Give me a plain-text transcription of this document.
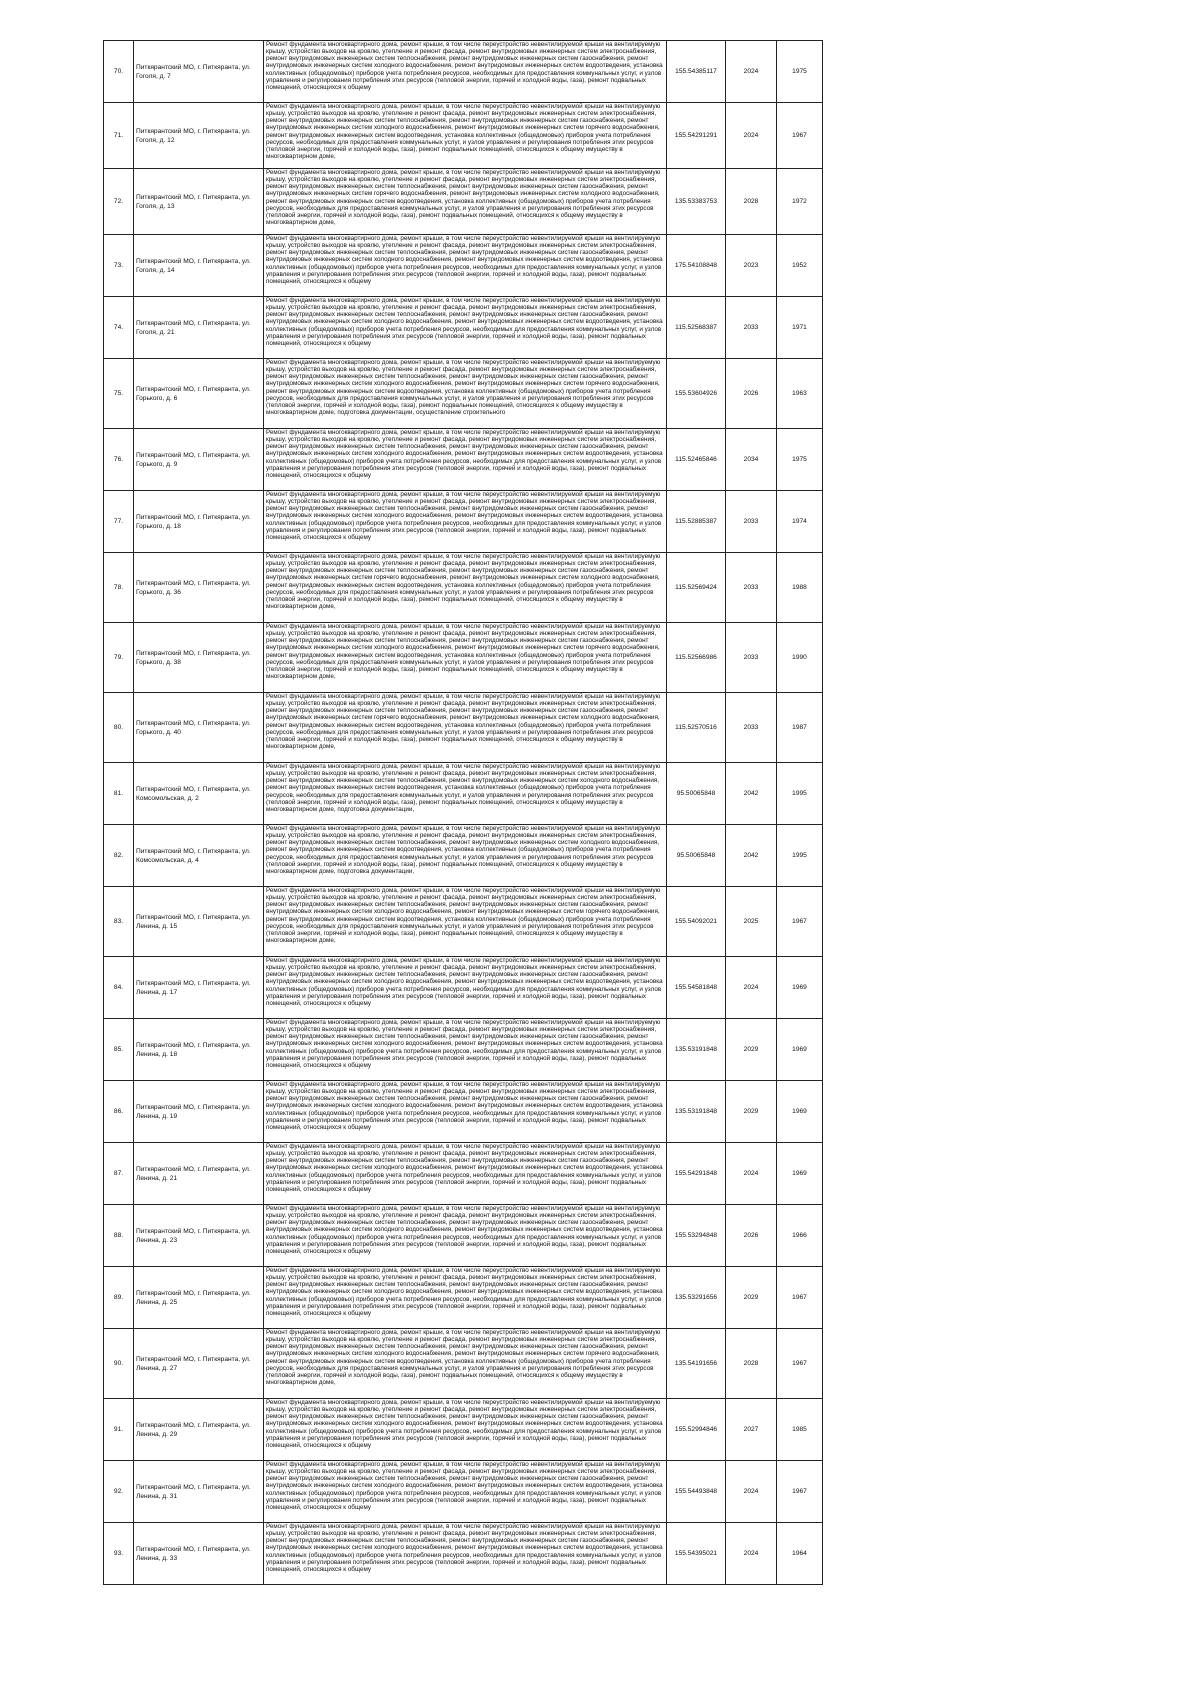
70.	Питкярантский МО, г. Питкяранта, ул.
Гоголя, д. 7	Ремонт фундамента многоквартирного дома, ремонт крыши, в том числе переустройство невентилируемой крыши на вентилируемую крышу, устройство выходов на кровлю, утепление и ремонт фасада, ремонт внутридомовых инженерных систем электроснабжения, ремонт внутридомовых инженерных систем теплоснабжения, ремонт внутридомовых инженерных систем газоснабжения, ремонт внутридомовых инженерных систем холодного водоснабжения, ремонт внутридомовых инженерных систем водоотведения, установка коллективных (общедомовых) приборов учета потребления ресурсов, необходимых для предоставления коммунальных услуг, и узлов управления и регулирования потребления этих ресурсов (тепловой энергии, горячей и холодной воды, газа), ремонт подвальных помещений, относящихся к общему	155.54385117	2024	1975
71.	Питкярантский МО, г. Питкяранта, ул.
Гоголя, д. 12	Ремонт фундамента многоквартирного дома, ремонт крыши, в том числе переустройство невентилируемой крыши на вентилируемую крышу, устройство выходов на кровлю, утепление и ремонт фасада, ремонт внутридомовых инженерных систем электроснабжения, ремонт внутридомовых инженерных систем теплоснабжения, ремонт внутридомовых инженерных систем газоснабжения, ремонт внутридомовых инженерных систем холодного водоснабжения, ремонт внутридомовых инженерных систем горячего водоснабжения, ремонт внутридомовых инженерных систем водоотведения, установка коллективных (общедомовых) приборов учета потребления ресурсов, необходимых для предоставления коммунальных услуг, и узлов управления и регулирования потребления этих ресурсов (тепловой энергии, горячей и холодной воды, газа), ремонт подвальных помещений, относящихся к общему имуществу в многоквартирном доме,	155.54291291	2024	1967
72.	Питкярантский МО, г. Питкяранта, ул.
Гоголя, д. 13	Ремонт фундамента многоквартирного дома, ремонт крыши, в том числе переустройство невентилируемой крыши на вентилируемую крышу, устройство выходов на кровлю, утепление и ремонт фасада, ремонт внутридомовых инженерных систем электроснабжения, ремонт внутридомовых инженерных систем теплоснабжения, ремонт внутридомовых инженерных систем газоснабжения, ремонт внутридомовых инженерных систем горячего водоснабжения, ремонт внутридомовых инженерных систем холодного водоснабжения, ремонт внутридомовых инженерных систем водоотведения, установка коллективных (общедомовых) приборов учета потребления ресурсов, необходимых для предоставления коммунальных услуг, и узлов управления и регулирования потребления этих ресурсов (тепловой энергии, горячей и холодной воды, газа), ремонт подвальных помещений, относящихся к общему имуществу в многоквартирном доме,	135.53383753	2028	1972
73.	Питкярантский МО, г. Питкяранта, ул.
Гоголя, д. 14	Ремонт фундамента многоквартирного дома, ремонт крыши, в том числе переустройство невентилируемой крыши на вентилируемую крышу, устройство выходов на кровлю, утепление и ремонт фасада, ремонт внутридомовых инженерных систем электроснабжения, ремонт внутридомовых инженерных систем теплоснабжения, ремонт внутридомовых инженерных систем газоснабжения, ремонт внутридомовых инженерных систем холодного водоснабжения, ремонт внутридомовых инженерных систем водоотведения, установка коллективных (общедомовых) приборов учета потребления ресурсов, необходимых для предоставления коммунальных услуг, и узлов управления и регулирования потребления этих ресурсов (тепловой энергии, горячей и холодной воды, газа), ремонт подвальных помещений, относящихся к общему	175.54108848	2023	1952
74.	Питкярантский МО, г. Питкяранта, ул.
Гоголя, д. 21	Ремонт фундамента многоквартирного дома, ремонт крыши, в том числе переустройство невентилируемой крыши на вентилируемую крышу, устройство выходов на кровлю, утепление и ремонт фасада, ремонт внутридомовых инженерных систем электроснабжения, ремонт внутридомовых инженерных систем теплоснабжения, ремонт внутридомовых инженерных систем газоснабжения, ремонт внутридомовых инженерных систем холодного водоснабжения, ремонт внутридомовых инженерных систем водоотведения, установка коллективных (общедомовых) приборов учета потребления ресурсов, необходимых для предоставления коммунальных услуг, и узлов управления и регулирования потребления этих ресурсов (тепловой энергии, горячей и холодной воды, газа), ремонт подвальных помещений, относящихся к общему	115.52568387	2033	1971
75.	Питкярантский МО, г. Питкяранта, ул.
Горького, д. 6	Ремонт фундамента многоквартирного дома, ремонт крыши, в том числе переустройство невентилируемой крыши на вентилируемую крышу, устройство выходов на кровлю, утепление и ремонт фасада, ремонт внутридомовых инженерных систем электроснабжения, ремонт внутридомовых инженерных систем теплоснабжения, ремонт внутридомовых инженерных систем газоснабжения, ремонт внутридомовых инженерных систем холодного водоснабжения, ремонт внутридомовых инженерных систем горячего водоснабжения, ремонт внутридомовых инженерных систем водоотведения, установка коллективных (общедомовых) приборов учета потребления ресурсов, необходимых для предоставления коммунальных услуг, и узлов управления и регулирования потребления этих ресурсов (тепловой энергии, горячей и холодной воды, газа), ремонт подвальных помещений, относящихся к общему имуществу в многоквартирном доме, подготовка документации, осуществление строительного	155.53604926	2026	1963
76.	Питкярантский МО, г. Питкяранта, ул.
Горького, д. 9	Ремонт фундамента многоквартирного дома, ремонт крыши, в том числе переустройство невентилируемой крыши на вентилируемую крышу, устройство выходов на кровлю, утепление и ремонт фасада, ремонт внутридомовых инженерных систем электроснабжения, ремонт внутридомовых инженерных систем теплоснабжения, ремонт внутридомовых инженерных систем газоснабжения, ремонт внутридомовых инженерных систем холодного водоснабжения, ремонт внутридомовых инженерных систем водоотведения, установка коллективных (общедомовых) приборов учета потребления ресурсов, необходимых для предоставления коммунальных услуг, и узлов управления и регулирования потребления этих ресурсов (тепловой энергии, горячей и холодной воды, газа), ремонт подвальных помещений, относящихся к общему	115.52465846	2034	1975
77.	Питкярантский МО, г. Питкяранта, ул.
Горького, д. 18	Ремонт фундамента многоквартирного дома, ремонт крыши, в том числе переустройство невентилируемой крыши на вентилируемую крышу, устройство выходов на кровлю, утепление и ремонт фасада, ремонт внутридомовых инженерных систем электроснабжения, ремонт внутридомовых инженерных систем теплоснабжения, ремонт внутридомовых инженерных систем газоснабжения, ремонт внутридомовых инженерных систем холодного водоснабжения, ремонт внутридомовых инженерных систем водоотведения, установка коллективных (общедомовых) приборов учета потребления ресурсов, необходимых для предоставления коммунальных услуг, и узлов управления и регулирования потребления этих ресурсов (тепловой энергии, горячей и холодной воды, газа), ремонт подвальных помещений, относящихся к общему	115.52885387	2033	1974
78.	Питкярантский МО, г. Питкяранта, ул.
Горького, д. 36	Ремонт фундамента многоквартирного дома, ремонт крыши, в том числе переустройство невентилируемой крыши на вентилируемую крышу, устройство выходов на кровлю, утепление и ремонт фасада, ремонт внутридомовых инженерных систем электроснабжения, ремонт внутридомовых инженерных систем теплоснабжения, ремонт внутридомовых инженерных систем газоснабжения, ремонт внутридомовых инженерных систем горячего водоснабжения, ремонт внутридомовых инженерных систем холодного водоснабжения, ремонт внутридомовых инженерных систем водоотведения, установка коллективных (общедомовых) приборов учета потребления ресурсов, необходимых для предоставления коммунальных услуг, и узлов управления и регулирования потребления этих ресурсов (тепловой энергии, горячей и холодной воды, газа), ремонт подвальных помещений, относящихся к общему имуществу в многоквартирном доме,	115.52569424	2033	1988
79.	Питкярантский МО, г. Питкяранта, ул.
Горького, д. 38	Ремонт фундамента многоквартирного дома, ремонт крыши, в том числе переустройство невентилируемой крыши на вентилируемую крышу, устройство выходов на кровлю, утепление и ремонт фасада, ремонт внутридомовых инженерных систем электроснабжения, ремонт внутридомовых инженерных систем теплоснабжения, ремонт внутридомовых инженерных систем газоснабжения, ремонт внутридомовых инженерных систем холодного водоснабжения, ремонт внутридомовых инженерных систем горячего водоснабжения, ремонт внутридомовых инженерных систем водоотведения, установка коллективных (общедомовых) приборов учета потребления ресурсов, необходимых для предоставления коммунальных услуг, и узлов управления и регулирования потребления этих ресурсов (тепловой энергии, горячей и холодной воды, газа), ремонт подвальных помещений, относящихся к общему имуществу в многоквартирном доме,	115.52566986	2033	1990
80.	Питкярантский МО, г. Питкяранта, ул.
Горького, д. 40	Ремонт фундамента многоквартирного дома, ремонт крыши, в том числе переустройство невентилируемой крыши на вентилируемую крышу, устройство выходов на кровлю, утепление и ремонт фасада, ремонт внутридомовых инженерных систем электроснабжения, ремонт внутридомовых инженерных систем теплоснабжения, ремонт внутридомовых инженерных систем газоснабжения, ремонт внутридомовых инженерных систем горячего водоснабжения, ремонт внутридомовых инженерных систем холодного водоснабжения, ремонт внутридомовых инженерных систем водоотведения, установка коллективных (общедомовых) приборов учета потребления ресурсов, необходимых для предоставления коммунальных услуг, и узлов управления и регулирования потребления этих ресурсов (тепловой энергии, горячей и холодной воды, газа), ремонт подвальных помещений, относящихся к общему имуществу в многоквартирном доме,	115.52570516	2033	1987
81.	Питкярантский МО, г. Питкяранта, ул.
Комсомольская, д. 2	Ремонт фундамента многоквартирного дома, ремонт крыши, в том числе переустройство невентилируемой крыши на вентилируемую крышу, устройство выходов на кровлю, утепление и ремонт фасада, ремонт внутридомовых инженерных систем электроснабжения, ремонт внутридомовых инженерных систем теплоснабжения, ремонт внутридомовых инженерных систем холодного водоснабжения, ремонт внутридомовых инженерных систем водоотведения, установка коллективных (общедомовых) приборов учета потребления ресурсов, необходимых для предоставления коммунальных услуг, и узлов управления и регулирования потребления этих ресурсов (тепловой энергии, горячей и холодной воды, газа), ремонт подвальных помещений, относящихся к общему имуществу в многоквартирном доме, подготовка документации,	95.50065848	2042	1995
82.	Питкярантский МО, г. Питкяранта, ул.
Комсомольская, д. 4	Ремонт фундамента многоквартирного дома, ремонт крыши, в том числе переустройство невентилируемой крыши на вентилируемую крышу, устройство выходов на кровлю, утепление и ремонт фасада, ремонт внутридомовых инженерных систем электроснабжения, ремонт внутридомовых инженерных систем теплоснабжения, ремонт внутридомовых инженерных систем холодного водоснабжения, ремонт внутридомовых инженерных систем водоотведения, установка коллективных (общедомовых) приборов учета потребления ресурсов, необходимых для предоставления коммунальных услуг, и узлов управления и регулирования потребления этих ресурсов (тепловой энергии, горячей и холодной воды, газа), ремонт подвальных помещений, относящихся к общему имуществу в многоквартирном доме, подготовка документации,	95.50065848	2042	1995
83.	Питкярантский МО, г. Питкяранта, ул.
Ленина, д. 15	Ремонт фундамента многоквартирного дома, ремонт крыши, в том числе переустройство невентилируемой крыши на вентилируемую крышу, устройство выходов на кровлю, утепление и ремонт фасада, ремонт внутридомовых инженерных систем электроснабжения, ремонт внутридомовых инженерных систем теплоснабжения, ремонт внутридомовых инженерных систем газоснабжения, ремонт внутридомовых инженерных систем холодного водоснабжения, ремонт внутридомовых инженерных систем горячего водоснабжения, ремонт внутридомовых инженерных систем водоотведения, установка коллективных (общедомовых) приборов учета потребления ресурсов, необходимых для предоставления коммунальных услуг, и узлов управления и регулирования потребления этих ресурсов (тепловой энергии, горячей и холодной воды, газа), ремонт подвальных помещений, относящихся к общему имуществу в многоквартирном доме,	155.54092021	2025	1967
84.	Питкярантский МО, г. Питкяранта, ул.
Ленина, д. 17	Ремонт фундамента многоквартирного дома, ремонт крыши, в том числе переустройство невентилируемой крыши на вентилируемую крышу, устройство выходов на кровлю, утепление и ремонт фасада, ремонт внутридомовых инженерных систем электроснабжения, ремонт внутридомовых инженерных систем теплоснабжения, ремонт внутридомовых инженерных систем газоснабжения, ремонт внутридомовых инженерных систем холодного водоснабжения, ремонт внутридомовых инженерных систем водоотведения, установка коллективных (общедомовых) приборов учета потребления ресурсов, необходимых для предоставления коммунальных услуг, и узлов управления и регулирования потребления этих ресурсов (тепловой энергии, горячей и холодной воды, газа), ремонт подвальных помещений, относящихся к общему	155.54581848	2024	1969
85.	Питкярантский МО, г. Питкяранта, ул.
Ленина, д. 18	Ремонт фундамента многоквартирного дома, ремонт крыши, в том числе переустройство невентилируемой крыши на вентилируемую крышу, устройство выходов на кровлю, утепление и ремонт фасада, ремонт внутридомовых инженерных систем электроснабжения, ремонт внутридомовых инженерных систем теплоснабжения, ремонт внутридомовых инженерных систем газоснабжения, ремонт внутридомовых инженерных систем холодного водоснабжения, ремонт внутридомовых инженерных систем водоотведения, установка коллективных (общедомовых) приборов учета потребления ресурсов, необходимых для предоставления коммунальных услуг, и узлов управления и регулирования потребления этих ресурсов (тепловой энергии, горячей и холодной воды, газа), ремонт подвальных помещений, относящихся к общему	135.53191848	2029	1969
86.	Питкярантский МО, г. Питкяранта, ул.
Ленина, д. 19	Ремонт фундамента многоквартирного дома, ремонт крыши, в том числе переустройство невентилируемой крыши на вентилируемую крышу, устройство выходов на кровлю, утепление и ремонт фасада, ремонт внутридомовых инженерных систем электроснабжения, ремонт внутридомовых инженерных систем теплоснабжения, ремонт внутридомовых инженерных систем газоснабжения, ремонт внутридомовых инженерных систем холодного водоснабжения, ремонт внутридомовых инженерных систем водоотведения, установка коллективных (общедомовых) приборов учета потребления ресурсов, необходимых для предоставления коммунальных услуг, и узлов управления и регулирования потребления этих ресурсов (тепловой энергии, горячей и холодной воды, газа), ремонт подвальных помещений, относящихся к общему	135.53191848	2029	1969
87.	Питкярантский МО, г. Питкяранта, ул.
Ленина, д. 21	Ремонт фундамента многоквартирного дома, ремонт крыши, в том числе переустройство невентилируемой крыши на вентилируемую крышу, устройство выходов на кровлю, утепление и ремонт фасада, ремонт внутридомовых инженерных систем электроснабжения, ремонт внутридомовых инженерных систем теплоснабжения, ремонт внутридомовых инженерных систем газоснабжения, ремонт внутридомовых инженерных систем холодного водоснабжения, ремонт внутридомовых инженерных систем водоотведения, установка коллективных (общедомовых) приборов учета потребления ресурсов, необходимых для предоставления коммунальных услуг, и узлов управления и регулирования потребления этих ресурсов (тепловой энергии, горячей и холодной воды, газа), ремонт подвальных помещений, относящихся к общему	155.54291848	2024	1969
88.	Питкярантский МО, г. Питкяранта, ул.
Ленина, д. 23	Ремонт фундамента многоквартирного дома, ремонт крыши, в том числе переустройство невентилируемой крыши на вентилируемую крышу, устройство выходов на кровлю, утепление и ремонт фасада, ремонт внутридомовых инженерных систем электроснабжения, ремонт внутридомовых инженерных систем теплоснабжения, ремонт внутридомовых инженерных систем газоснабжения, ремонт внутридомовых инженерных систем холодного водоснабжения, ремонт внутридомовых инженерных систем водоотведения, установка коллективных (общедомовых) приборов учета потребления ресурсов, необходимых для предоставления коммунальных услуг, и узлов управления и регулирования потребления этих ресурсов (тепловой энергии, горячей и холодной воды, газа), ремонт подвальных помещений, относящихся к общему	155.53294848	2026	1966
89.	Питкярантский МО, г. Питкяранта, ул.
Ленина, д. 25	Ремонт фундамента многоквартирного дома, ремонт крыши, в том числе переустройство невентилируемой крыши на вентилируемую крышу, устройство выходов на кровлю, утепление и ремонт фасада, ремонт внутридомовых инженерных систем электроснабжения, ремонт внутридомовых инженерных систем теплоснабжения, ремонт внутридомовых инженерных систем газоснабжения, ремонт внутридомовых инженерных систем холодного водоснабжения, ремонт внутридомовых инженерных систем водоотведения, установка коллективных (общедомовых) приборов учета потребления ресурсов, необходимых для предоставления коммунальных услуг, и узлов управления и регулирования потребления этих ресурсов (тепловой энергии, горячей и холодной воды, газа), ремонт подвальных помещений, относящихся к общему	135.53291656	2029	1967
90.	Питкярантский МО, г. Питкяранта, ул.
Ленина, д. 27	Ремонт фундамента многоквартирного дома, ремонт крыши, в том числе переустройство невентилируемой крыши на вентилируемую крышу, устройство выходов на кровлю, утепление и ремонт фасада, ремонт внутридомовых инженерных систем электроснабжения, ремонт внутридомовых инженерных систем теплоснабжения, ремонт внутридомовых инженерных систем газоснабжения, ремонт внутридомовых инженерных систем холодного водоснабжения, ремонт внутридомовых инженерных систем горячего водоснабжения, ремонт внутридомовых инженерных систем водоотведения, установка коллективных (общедомовых) приборов учета потребления ресурсов, необходимых для предоставления коммунальных услуг, и узлов управления и регулирования потребления этих ресурсов (тепловой энергии, горячей и холодной воды, газа), ремонт подвальных помещений, относящихся к общему имуществу в многоквартирном доме,	135.54191656	2028	1967
91.	Питкярантский МО, г. Питкяранта, ул.
Ленина, д. 29	Ремонт фундамента многоквартирного дома, ремонт крыши, в том числе переустройство невентилируемой крыши на вентилируемую крышу, устройство выходов на кровлю, утепление и ремонт фасада, ремонт внутридомовых инженерных систем электроснабжения, ремонт внутридомовых инженерных систем теплоснабжения, ремонт внутридомовых инженерных систем газоснабжения, ремонт внутридомовых инженерных систем холодного водоснабжения, ремонт внутридомовых инженерных систем водоотведения, установка коллективных (общедомовых) приборов учета потребления ресурсов, необходимых для предоставления коммунальных услуг, и узлов управления и регулирования потребления этих ресурсов (тепловой энергии, горячей и холодной воды, газа), ремонт подвальных помещений, относящихся к общему	155.52994846	2027	1985
92.	Питкярантский МО, г. Питкяранта, ул.
Ленина, д. 31	Ремонт фундамента многоквартирного дома, ремонт крыши, в том числе переустройство невентилируемой крыши на вентилируемую крышу, устройство выходов на кровлю, утепление и ремонт фасада, ремонт внутридомовых инженерных систем электроснабжения, ремонт внутридомовых инженерных систем теплоснабжения, ремонт внутридомовых инженерных систем газоснабжения, ремонт внутридомовых инженерных систем холодного водоснабжения, ремонт внутридомовых инженерных систем водоотведения, установка коллективных (общедомовых) приборов учета потребления ресурсов, необходимых для предоставления коммунальных услуг, и узлов управления и регулирования потребления этих ресурсов (тепловой энергии, горячей и холодной воды, газа), ремонт подвальных помещений, относящихся к общему	155.54493848	2024	1967
93.	Питкярантский МО, г. Питкяранта, ул.
Ленина, д. 33	Ремонт фундамента многоквартирного дома, ремонт крыши, в том числе переустройство невентилируемой крыши на вентилируемую крышу, устройство выходов на кровлю, утепление и ремонт фасада, ремонт внутридомовых инженерных систем электроснабжения, ремонт внутридомовых инженерных систем теплоснабжения, ремонт внутридомовых инженерных систем газоснабжения, ремонт внутридомовых инженерных систем холодного водоснабжения, ремонт внутридомовых инженерных систем водоотведения, установка коллективных (общедомовых) приборов учета потребления ресурсов, необходимых для предоставления коммунальных услуг, и узлов управления и регулирования потребления этих ресурсов (тепловой энергии, горячей и холодной воды, газа), ремонт подвальных помещений, относящихся к общему	155.54395021	2024	1964
